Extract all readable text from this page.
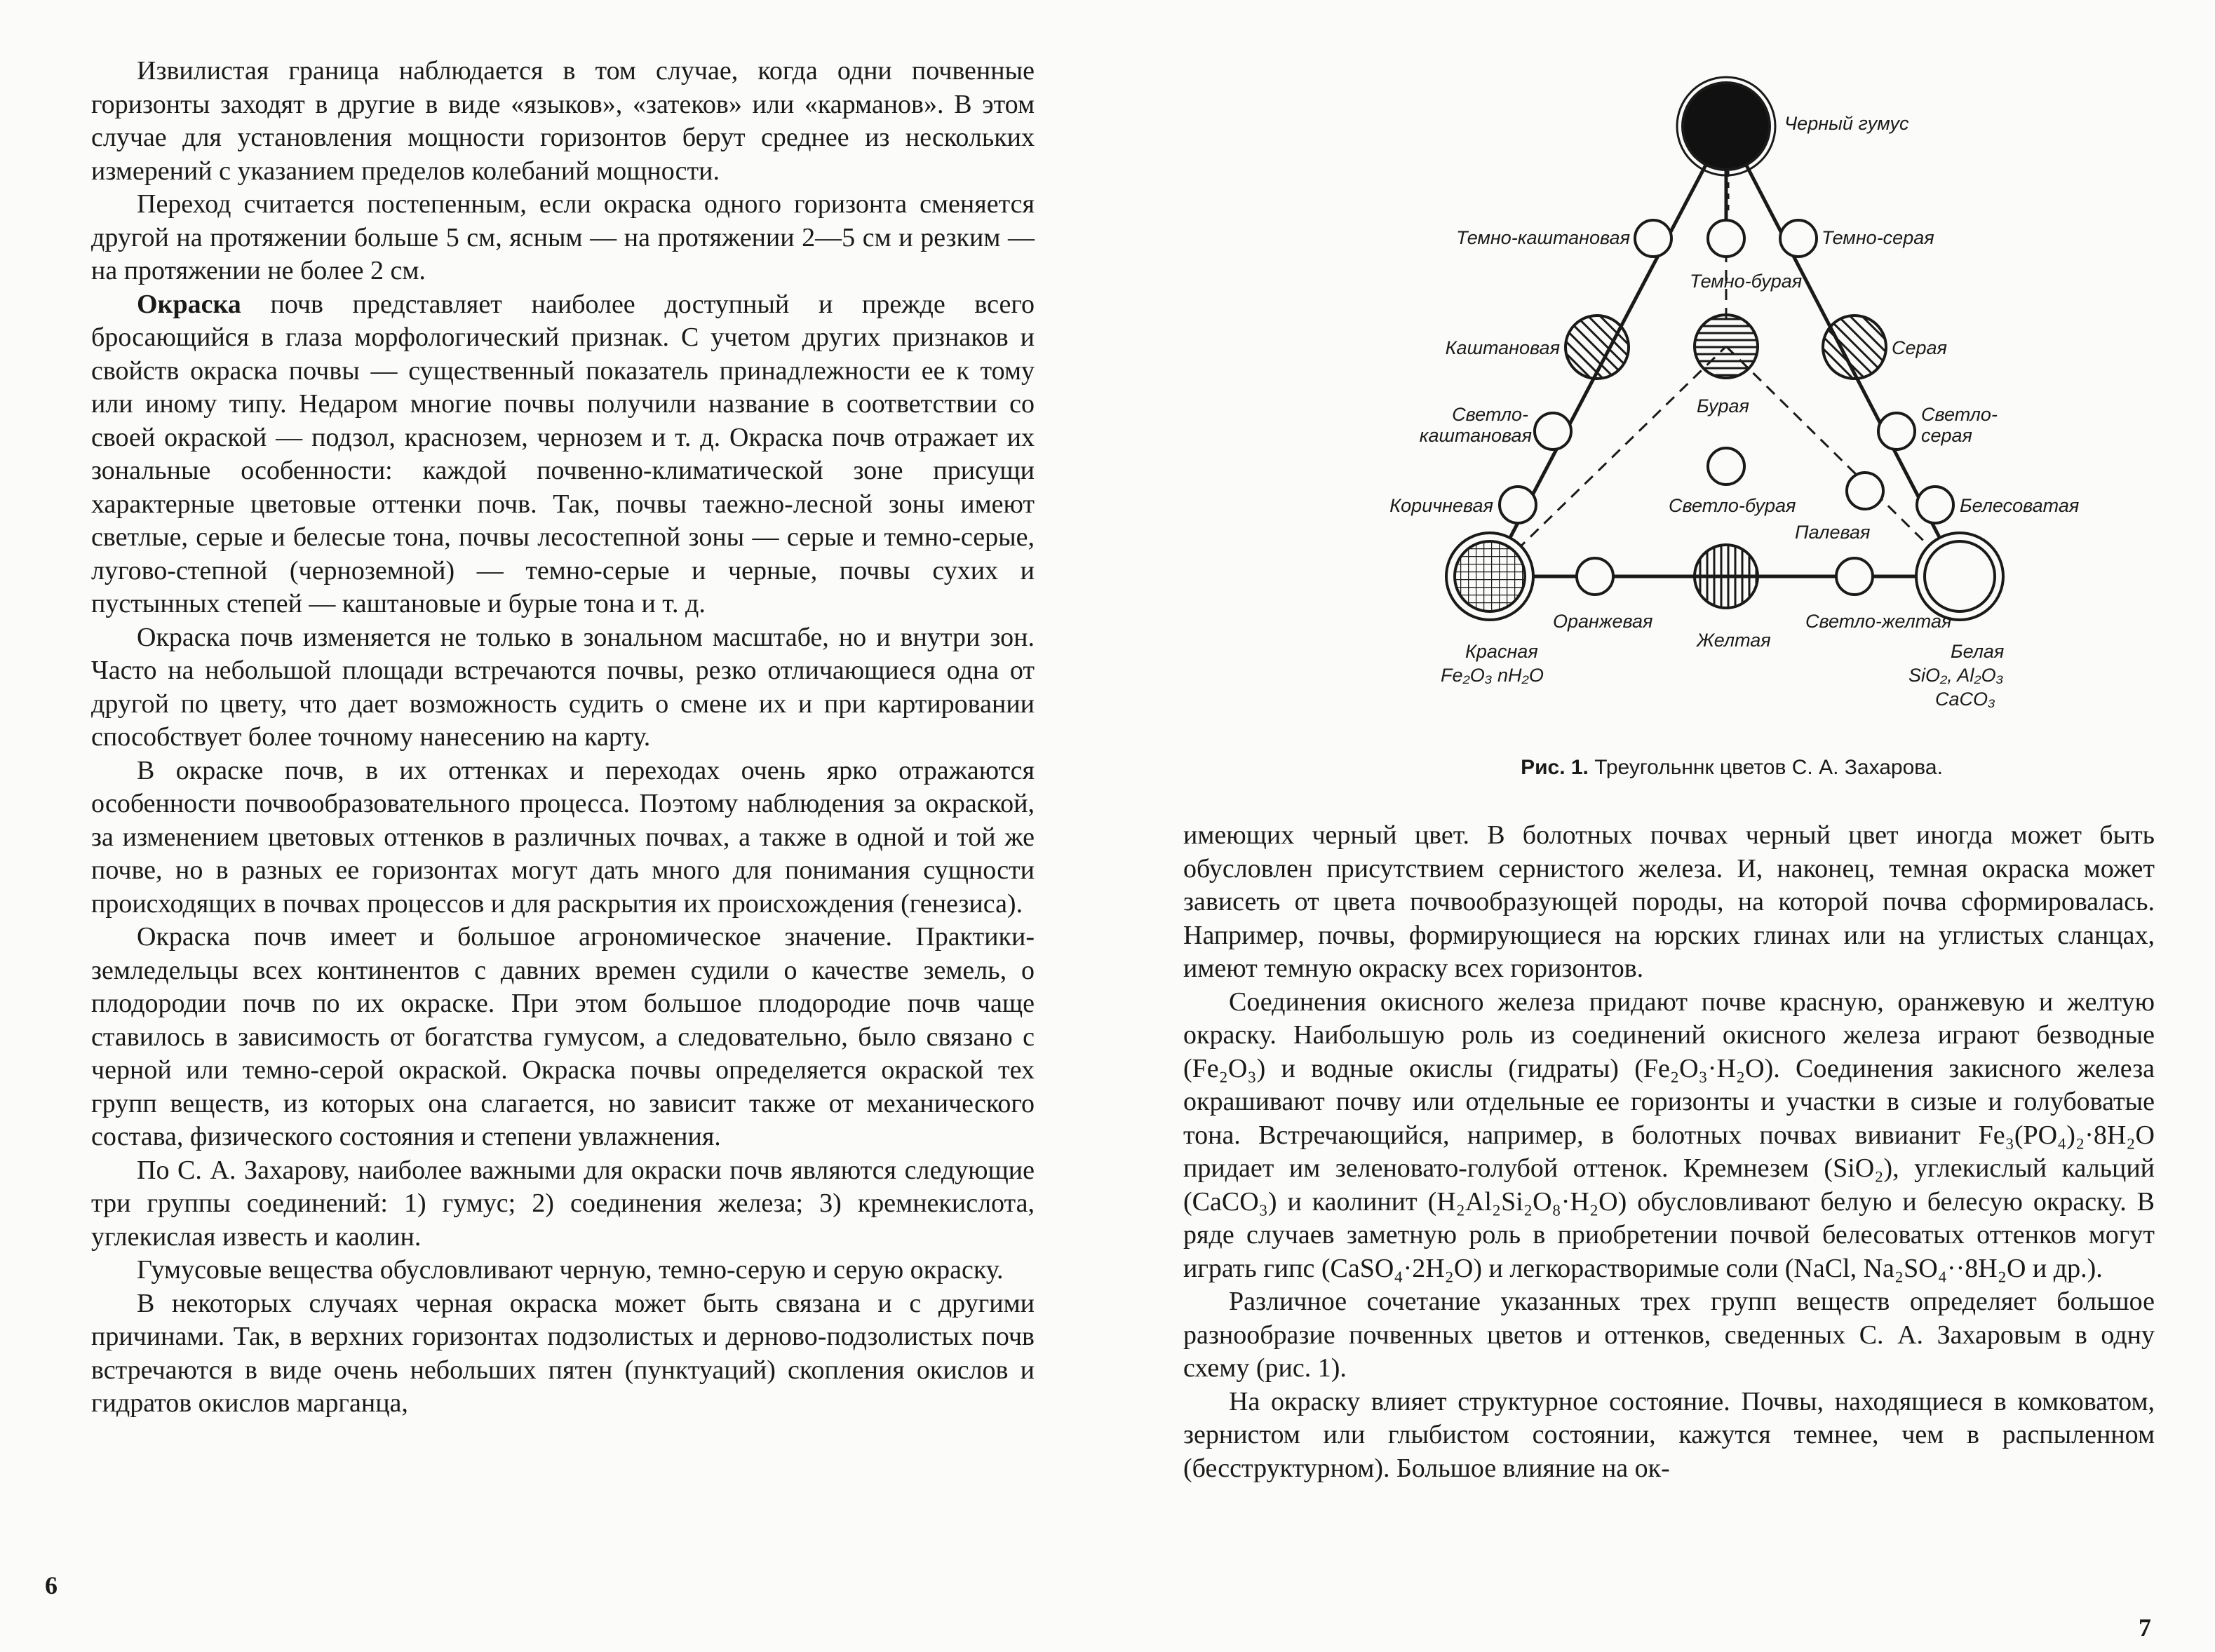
Извилистая граница наблюдается в том случае, когда одни почвенные горизонты заходят в другие в виде «языков», «затеков» или «карманов». В этом случае для установления мощности горизонтов берут среднее из нескольких измерений с указанием пределов колебаний мощности.

Переход считается постепенным, если окраска одного горизонта сменяется другой на протяжении больше 5 см, ясным — на протяжении 2—5 см и резким — на протяжении не более 2 см.

Окраска почв представляет наиболее доступный и прежде всего бросающийся в глаза морфологический признак. С учетом других признаков и свойств окраска почвы — существенный показатель принадлежности ее к тому или иному типу. Недаром многие почвы получили название в соответствии со своей окраской — подзол, краснозем, чернозем и т. д. Окраска почв отражает их зональные особенности: каждой почвенно-климатической зоне присущи характерные цветовые оттенки почв. Так, почвы таежно-лесной зоны имеют светлые, серые и белесые тона, почвы лесостепной зоны — серые и темно-серые, лугово-степной (черноземной) — темно-серые и черные, почвы сухих и пустынных степей — каштановые и бурые тона и т. д.

Окраска почв изменяется не только в зональном масштабе, но и внутри зон. Часто на небольшой площади встречаются почвы, резко отличающиеся одна от другой по цвету, что дает возможность судить о смене их и при картировании способствует более точному нанесению на карту.

В окраске почв, в их оттенках и переходах очень ярко отражаются особенности почвообразовательного процесса. Поэтому наблюдения за окраской, за изменением цветовых оттенков в различных почвах, а также в одной и той же почве, но в разных ее горизонтах могут дать много для понимания сущности происходящих в почвах процессов и для раскрытия их происхождения (генезиса).

Окраска почв имеет и большое агрономическое значение. Практики-земледельцы всех континентов с давних времен судили о качестве земель, о плодородии почв по их окраске. При этом большое плодородие почв чаще ставилось в зависимость от богатства гумусом, а следовательно, было связано с черной или темно-серой окраской. Окраска почвы определяется окраской тех групп веществ, из которых она слагается, но зависит также от механического состава, физического состояния и степени увлажнения.

По С. А. Захарову, наиболее важными для окраски почв являются следующие три группы соединений: 1) гумус; 2) соединения железа; 3) кремнекислота, углекислая известь и каолин.

Гумусовые вещества обусловливают черную, темно-серую и серую окраску.

В некоторых случаях черная окраска может быть связана и с другими причинами. Так, в верхних горизонтах подзолистых и дерново-подзолистых почв встречаются в виде очень небольших пятен (пунктуаций) скопления окислов и гидратов окислов марганца,

6
Черный гумус
Темно-каштановая
Темно-бурая
Темно-серая
Каштановая	Серая
Светло-
каштановая
Бурая	Светло-
серая
Светло-бурая
Коричневая
Палевая
Белесоватая
Оранжевая
Желтая
Светло-желтая
Красная
Fe₂O₃ nH₂O
Белая
SiO₂, Al₂O₃
CaCO₃
Рис. 1. Треугольннк цветов С. А. Захарова.

имеющих черный цвет. В болотных почвах черный цвет иногда может быть обусловлен присутствием сернистого железа. И, наконец, темная окраска может зависеть от цвета почвообразующей породы, на которой почва сформировалась. Например, почвы, формирующиеся на юрских глинах или на углистых сланцах, имеют темную окраску всех горизонтов.

Соединения окисного железа придают почве красную, оранжевую и желтую окраску. Наибольшую роль из соединений окисного железа играют безводные (Fe₂O₃) и водные окислы (гидраты) (Fe₂O₃·H₂O). Соединения закисного железа окрашивают почву или отдельные ее горизонты и участки в сизые и голубоватые тона. Встречающийся, например, в болотных почвах вивианит Fe₃(PO₄)₂·8H₂O придает им зеленовато-голубой оттенок. Кремнезем (SiO₂), углекислый кальций (CaCO₃) и каолинит (H₂Al₂Si₂O₈·H₂O) обусловливают белую и белесую окраску. В ряде случаев заметную роль в приобретении почвой белесоватых оттенков могут играть гипс (CaSO₄·2H₂O) и легкорастворимые соли (NaCl, Na₂SO₄··8H₂O и др.).

Различное сочетание указанных трех групп веществ определяет большое разнообразие почвенных цветов и оттенков, сведенных С. А. Захаровым в одну схему (рис. 1).

На окраску влияет структурное состояние. Почвы, находящиеся в комковатом, зернистом или глыбистом состоянии, кажутся темнее, чем в распыленном (бесструктурном). Большое влияние на ок-

7
